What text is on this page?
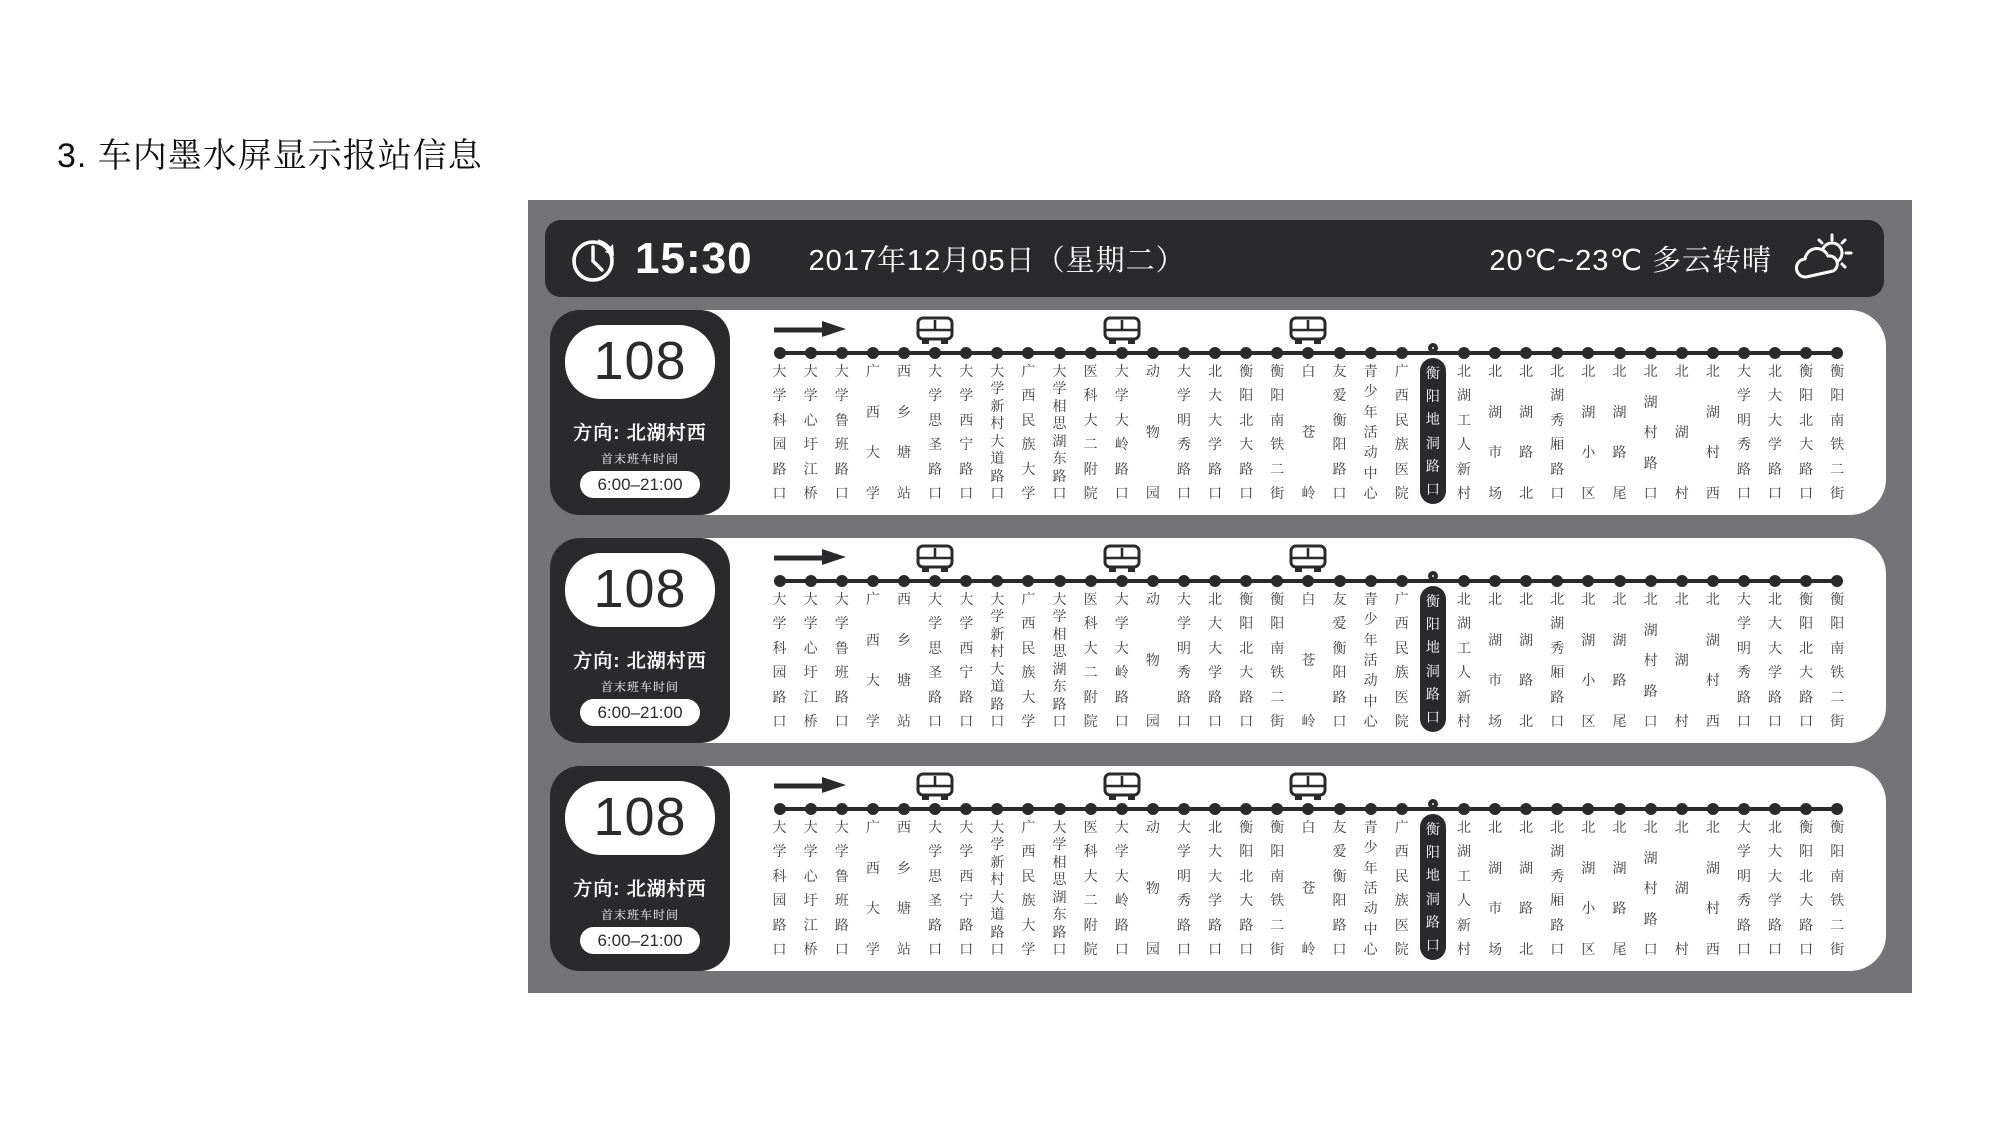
3. 车内墨水屏显示报站信息
15:30 2017年12月05日（星期二）	20℃~23℃ 多云转晴
大
学
科
园
路
口
大
学
心
圩
江
桥
大
学
鲁
班
路
口
广
西
大
学
西
乡
塘
站
大
学
思
圣
路
口
大
学
西
宁
路
口
大
学
新
村
大
道
路
口
广
西
民
族
大
学
大
学
相
思
湖
东
路
口
医
科
大
二
附
院
大
学
大
岭
路
口
动
物
园
大
学
明
秀
路
口
北
大
大
学
路
口
衡
阳
北
大
路
口
衡
阳
南
铁
二
街
白
苍
岭
友
爱
衡
阳
路
口
青
少
年
活
动
中
心
广
西
民
族
医
院
衡
阳
地
洞
路
口
北
湖
工
人
新
村
北
湖
市
场
北
湖
路
北
北
湖
秀
厢
路
口
北
湖
小
区
北
湖
路
尾
北
湖
村
路
口
北
湖
村
北
湖
村
西
大
学
明
秀
路
口
北
大
大
学
路
口
衡
阳
北
大
路
口
衡
阳
南
铁
二
街
108
方向: 北湖村西
首末班车时间
6:00–21:00
大
学
科
园
路
口
大
学
心
圩
江
桥
大
学
鲁
班
路
口
广
西
大
学
西
乡
塘
站
大
学
思
圣
路
口
大
学
西
宁
路
口
大
学
新
村
大
道
路
口
广
西
民
族
大
学
大
学
相
思
湖
东
路
口
医
科
大
二
附
院
大
学
大
岭
路
口
动
物
园
大
学
明
秀
路
口
北
大
大
学
路
口
衡
阳
北
大
路
口
衡
阳
南
铁
二
街
白
苍
岭
友
爱
衡
阳
路
口
青
少
年
活
动
中
心
广
西
民
族
医
院
衡
阳
地
洞
路
口
北
湖
工
人
新
村
北
湖
市
场
北
湖
路
北
北
湖
秀
厢
路
口
北
湖
小
区
北
湖
路
尾
北
湖
村
路
口
北
湖
村
北
湖
村
西
大
学
明
秀
路
口
北
大
大
学
路
口
衡
阳
北
大
路
口
衡
阳
南
铁
二
街
108
方向: 北湖村西
首末班车时间
6:00–21:00
大
学
科
园
路
口
大
学
心
圩
江
桥
大
学
鲁
班
路
口
广
西
大
学
西
乡
塘
站
大
学
思
圣
路
口
大
学
西
宁
路
口
大
学
新
村
大
道
路
口
广
西
民
族
大
学
大
学
相
思
湖
东
路
口
医
科
大
二
附
院
大
学
大
岭
路
口
动
物
园
大
学
明
秀
路
口
北
大
大
学
路
口
衡
阳
北
大
路
口
衡
阳
南
铁
二
街
白
苍
岭
友
爱
衡
阳
路
口
青
少
年
活
动
中
心
广
西
民
族
医
院
衡
阳
地
洞
路
口
北
湖
工
人
新
村
北
湖
市
场
北
湖
路
北
北
湖
秀
厢
路
口
北
湖
小
区
北
湖
路
尾
北
湖
村
路
口
北
湖
村
北
湖
村
西
大
学
明
秀
路
口
北
大
大
学
路
口
衡
阳
北
大
路
口
衡
阳
南
铁
二
街
108
方向: 北湖村西
首末班车时间
6:00–21:00
